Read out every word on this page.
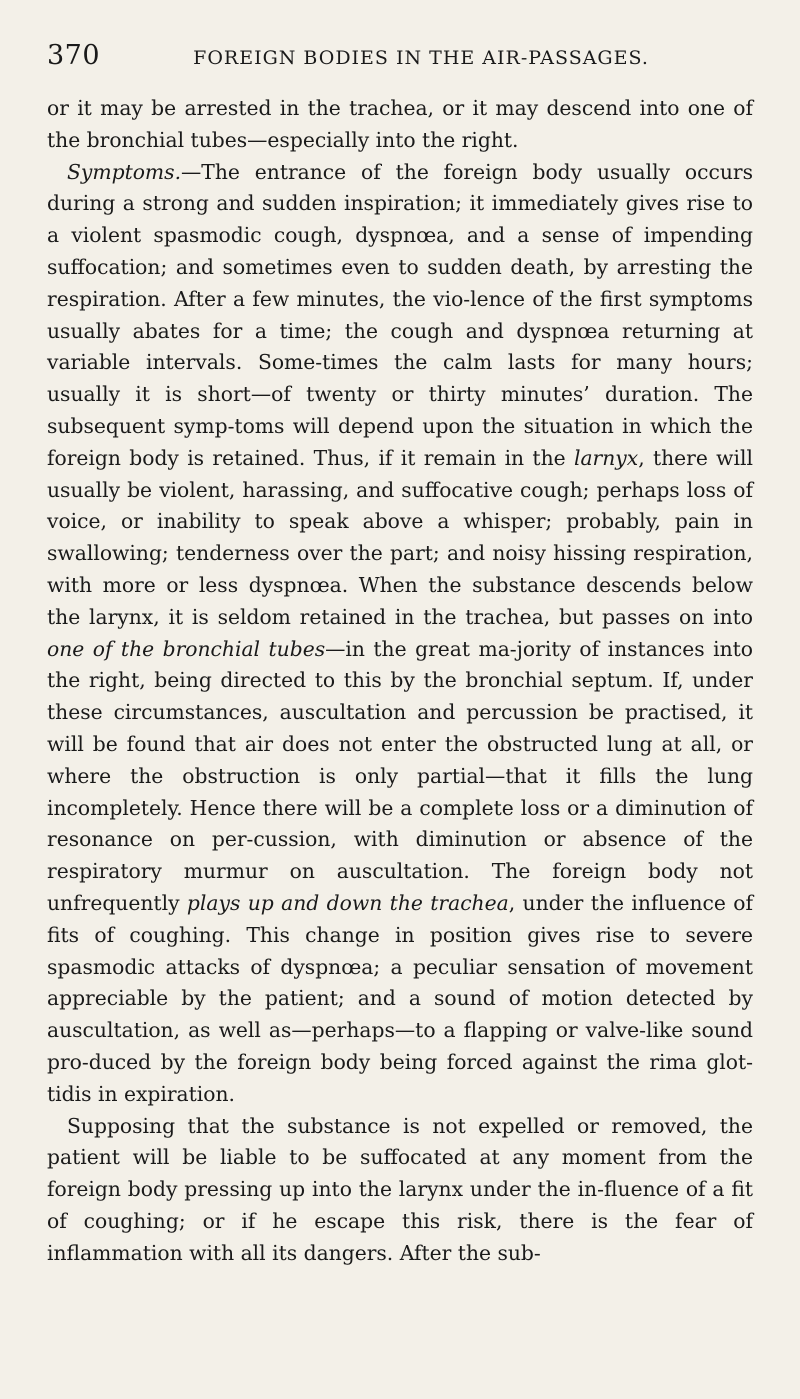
370	FOREIGN BODIES IN THE AIR-PASSAGES.

or it may be arrested in the trachea, or it may descend into one of the bronchial tubes—especially into the right.

Symptoms.—The entrance of the foreign body usually occurs during a strong and sudden inspiration; it immediately gives rise to a violent spasmodic cough, dyspnœa, and a sense of impending suffocation; and sometimes even to sudden death, by arresting the respiration. After a few minutes, the vio-lence of the first symptoms usually abates for a time; the cough and dyspnœa returning at variable intervals. Some-times the calm lasts for many hours; usually it is short—of twenty or thirty minutes’ duration. The subsequent symp-toms will depend upon the situation in which the foreign body is retained. Thus, if it remain in the larnyx, there will usually be violent, harassing, and suffocative cough; perhaps loss of voice, or inability to speak above a whisper; probably, pain in swallowing; tenderness over the part; and noisy hissing respiration, with more or less dyspnœa. When the substance descends below the larynx, it is seldom retained in the trachea, but passes on into one of the bronchial tubes—in the great ma-jority of instances into the right, being directed to this by the bronchial septum. If, under these circumstances, auscultation and percussion be practised, it will be found that air does not enter the obstructed lung at all, or where the obstruction is only partial—that it fills the lung incompletely. Hence there will be a complete loss or a diminution of resonance on per-cussion, with diminution or absence of the respiratory murmur on auscultation. The foreign body not unfrequently plays up and down the trachea, under the influence of fits of coughing. This change in position gives rise to severe spasmodic attacks of dyspnœa; a peculiar sensation of movement appreciable by the patient; and a sound of motion detected by auscultation, as well as—perhaps—to a flapping or valve-like sound pro-duced by the foreign body being forced against the rima glot-tidis in expiration.

Supposing that the substance is not expelled or removed, the patient will be liable to be suffocated at any moment from the foreign body pressing up into the larynx under the in-fluence of a fit of coughing; or if he escape this risk, there is the fear of inflammation with all its dangers. After the sub-
